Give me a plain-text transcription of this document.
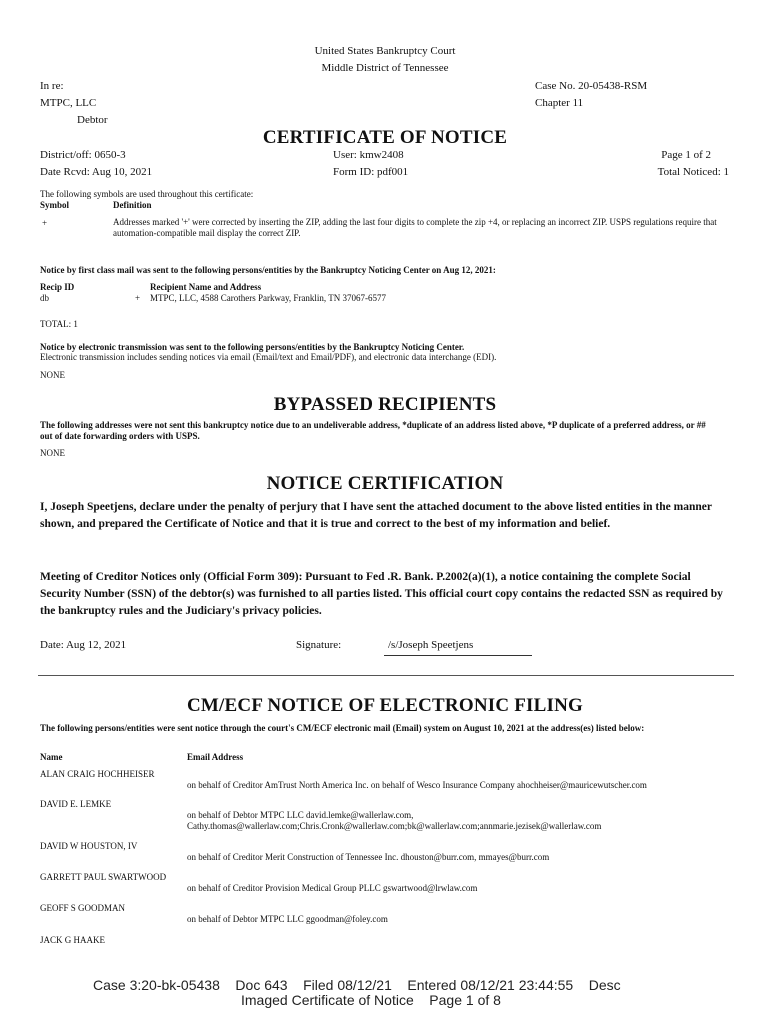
United States Bankruptcy Court
Middle District of Tennessee
In re:
MTPC, LLC
Debtor
Case No. 20-05438-RSM
Chapter 11
CERTIFICATE OF NOTICE
District/off: 0650-3
Date Rcvd: Aug 10, 2021
User: kmw2408
Form ID: pdf001
Page 1 of 2
Total Noticed: 1
The following symbols are used throughout this certificate:
Symbol	Definition
+	Addresses marked '+' were corrected by inserting the ZIP, adding the last four digits to complete the zip +4, or replacing an incorrect ZIP. USPS regulations require that automation-compatible mail display the correct ZIP.
Notice by first class mail was sent to the following persons/entities by the Bankruptcy Noticing Center on Aug 12, 2021:
Recip ID	Recipient Name and Address
db	+ MTPC, LLC, 4588 Carothers Parkway, Franklin, TN 37067-6577
TOTAL: 1
Notice by electronic transmission was sent to the following persons/entities by the Bankruptcy Noticing Center.
Electronic transmission includes sending notices via email (Email/text and Email/PDF), and electronic data interchange (EDI).
NONE
BYPASSED RECIPIENTS
The following addresses were not sent this bankruptcy notice due to an undeliverable address, *duplicate of an address listed above, *P duplicate of a preferred address, or ## out of date forwarding orders with USPS.
NONE
NOTICE CERTIFICATION
I, Joseph Speetjens, declare under the penalty of perjury that I have sent the attached document to the above listed entities in the manner shown, and prepared the Certificate of Notice and that it is true and correct to the best of my information and belief.
Meeting of Creditor Notices only (Official Form 309): Pursuant to Fed .R. Bank. P.2002(a)(1), a notice containing the complete Social Security Number (SSN) of the debtor(s) was furnished to all parties listed. This official court copy contains the redacted SSN as required by the bankruptcy rules and the Judiciary's privacy policies.
Date: Aug 12, 2021	Signature:	/s/Joseph Speetjens
CM/ECF NOTICE OF ELECTRONIC FILING
The following persons/entities were sent notice through the court's CM/ECF electronic mail (Email) system on August 10, 2021 at the address(es) listed below:
Name	Email Address
ALAN CRAIG HOCHHEISER
on behalf of Creditor AmTrust North America Inc. on behalf of Wesco Insurance Company ahochheiser@mauricewutscher.com
DAVID E. LEMKE
on behalf of Debtor MTPC LLC david.lemke@wallerlaw.com,
Cathy.thomas@wallerlaw.com;Chris.Cronk@wallerlaw.com;bk@wallerlaw.com;annmarie.jezisek@wallerlaw.com
DAVID W HOUSTON, IV
on behalf of Creditor Merit Construction of Tennessee Inc. dhouston@burr.com, mmayes@burr.com
GARRETT PAUL SWARTWOOD
on behalf of Creditor Provision Medical Group PLLC gswartwood@lrwlaw.com
GEOFF S GOODMAN
on behalf of Debtor MTPC LLC ggoodman@foley.com
JACK G HAAKE
Case 3:20-bk-05438    Doc 643    Filed 08/12/21    Entered 08/12/21 23:44:55    Desc
Imaged Certificate of Notice    Page 1 of 8
